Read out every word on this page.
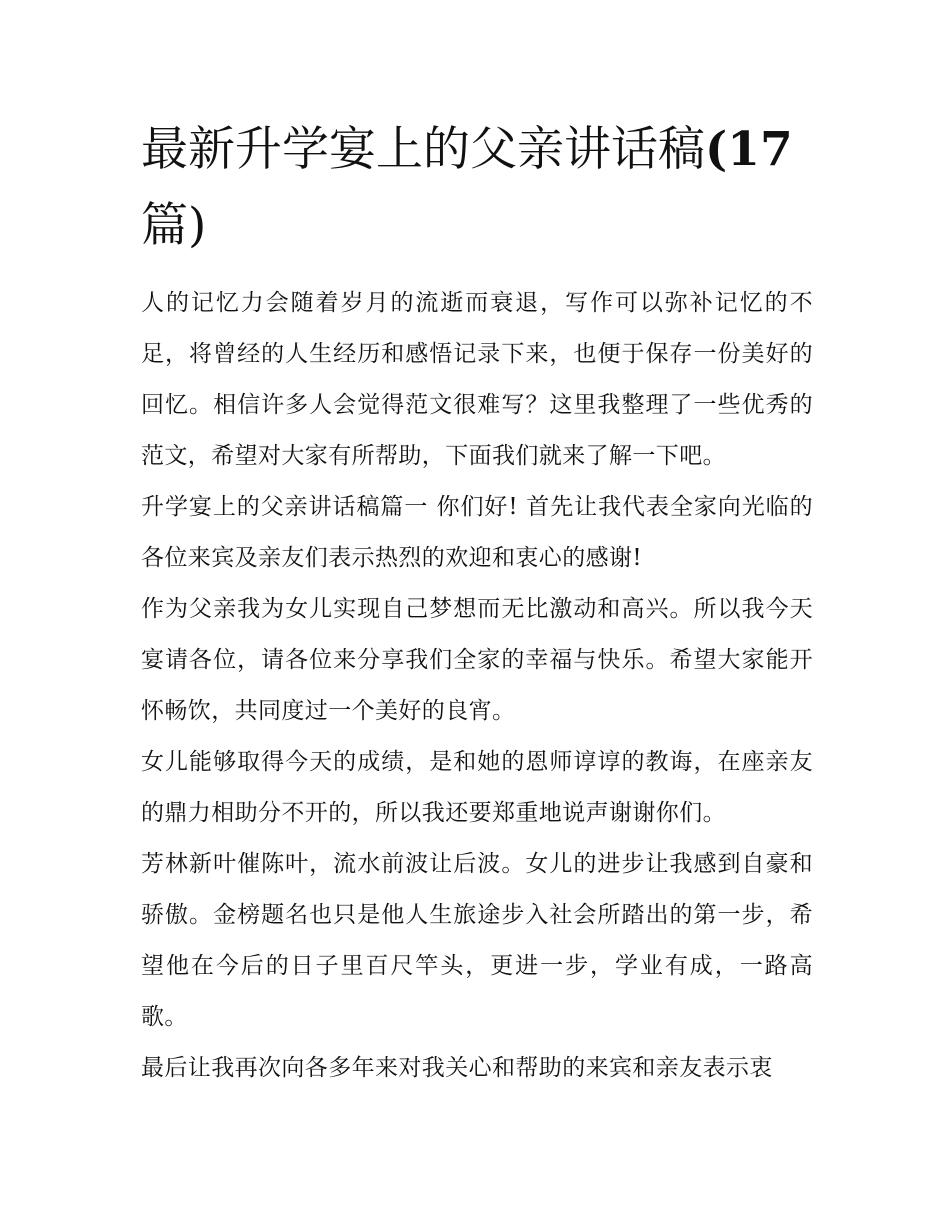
最新升学宴上的父亲讲话稿(17
篇)

人的记忆力会随着岁月的流逝而衰退，写作可以弥补记忆的不足，将曾经的人生经历和感悟记录下来，也便于保存一份美好的回忆。相信许多人会觉得范文很难写？这里我整理了一些优秀的范文，希望对大家有所帮助，下面我们就来了解一下吧。

升学宴上的父亲讲话稿篇一 你们好! 首先让我代表全家向光临的各位来宾及亲友们表示热烈的欢迎和衷心的感谢!

作为父亲我为女儿实现自己梦想而无比激动和高兴。所以我今天宴请各位，请各位来分享我们全家的幸福与快乐。希望大家能开怀畅饮，共同度过一个美好的良宵。

女儿能够取得今天的成绩，是和她的恩师谆谆的教诲，在座亲友的鼎力相助分不开的，所以我还要郑重地说声谢谢你们。

芳林新叶催陈叶，流水前波让后波。女儿的进步让我感到自豪和骄傲。金榜题名也只是他人生旅途步入社会所踏出的第一步，希望他在今后的日子里百尺竿头，更进一步，学业有成，一路高歌。

最后让我再次向各多年来对我关心和帮助的来宾和亲友表示衷
